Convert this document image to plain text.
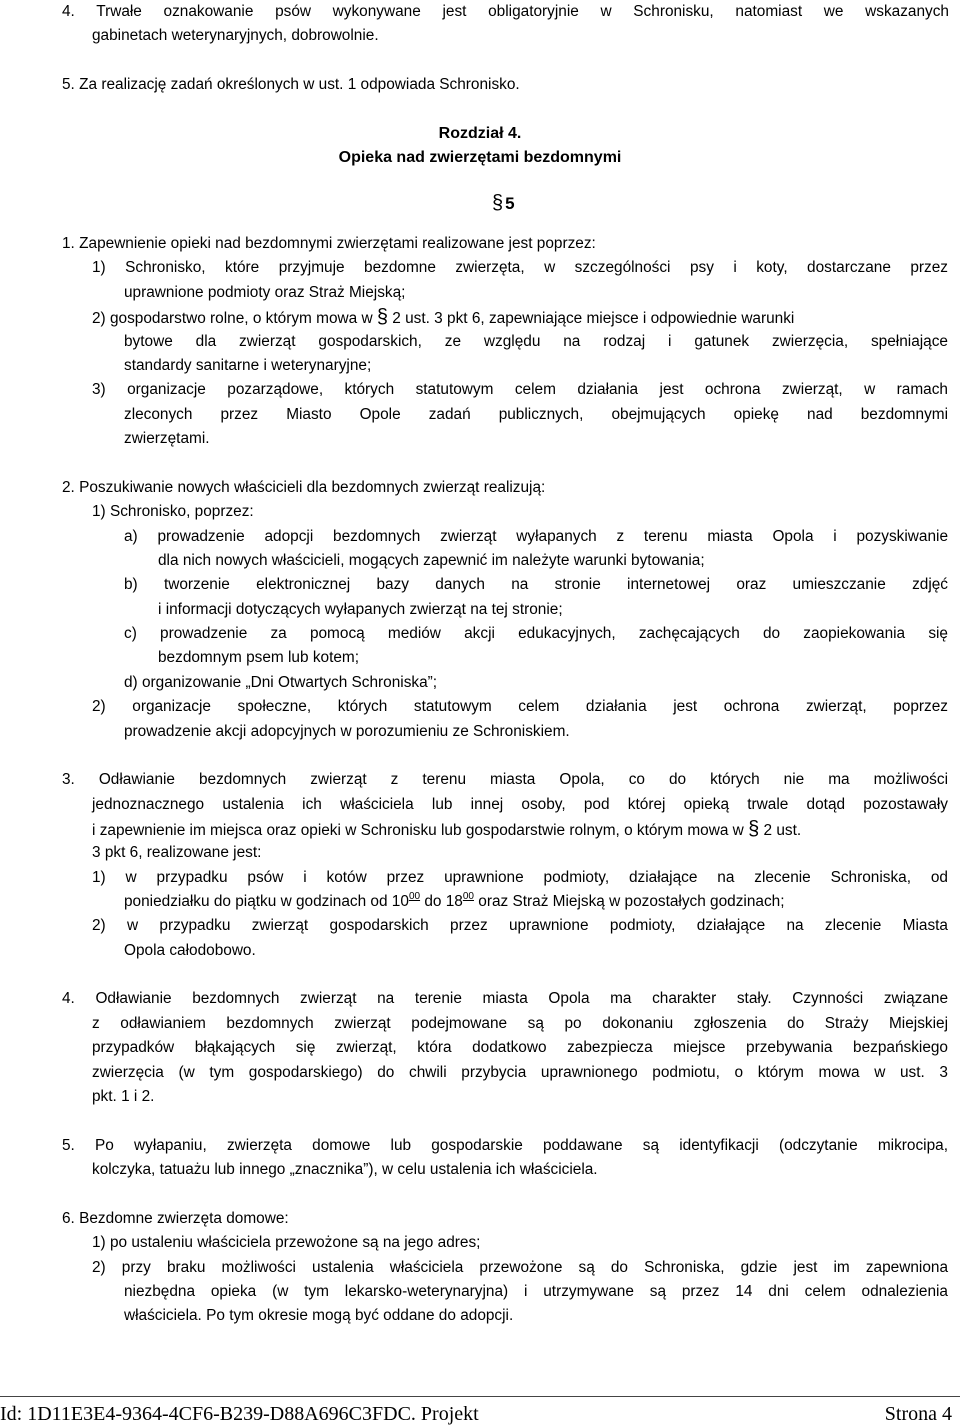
4. Trwałe oznakowanie psów wykonywane jest obligatoryjnie w Schronisku, natomiast we wskazanych
gabinetach weterynaryjnych, dobrowolnie.
5. Za realizację zadań określonych w ust. 1 odpowiada Schronisko.
Rozdział 4.
Opieka nad zwierzętami bezdomnymi
§ 5
1. Zapewnienie opieki nad bezdomnymi zwierzętami realizowane jest poprzez:
1) Schronisko, które przyjmuje bezdomne zwierzęta, w szczególności psy i koty, dostarczane przez
uprawnione podmioty oraz Straż Miejską;
2) gospodarstwo rolne, o którym mowa w § 2 ust. 3 pkt 6, zapewniające miejsce i odpowiednie warunki
bytowe dla zwierząt gospodarskich, ze względu na rodzaj i gatunek zwierzęcia, spełniające
standardy sanitarne i weterynaryjne;
3) organizacje pozarządowe, których statutowym celem działania jest ochrona zwierząt, w ramach
zleconych przez Miasto Opole zadań publicznych, obejmujących opiekę nad bezdomnymi
zwierzętami.
2. Poszukiwanie nowych właścicieli dla bezdomnych zwierząt realizują:
1) Schronisko, poprzez:
a) prowadzenie adopcji bezdomnych zwierząt wyłapanych z terenu miasta Opola i pozyskiwanie
dla nich nowych właścicieli, mogących zapewnić im należyte warunki bytowania;
b) tworzenie elektronicznej bazy danych na stronie internetowej oraz umieszczanie zdjęć
i informacji dotyczących wyłapanych zwierząt na tej stronie;
c) prowadzenie za pomocą mediów akcji edukacyjnych, zachęcających do zaopiekowania się
bezdomnym psem lub kotem;
d) organizowanie „Dni Otwartych Schroniska”;
2) organizacje społeczne, których statutowym celem działania jest ochrona zwierząt, poprzez
prowadzenie akcji adopcyjnych w porozumieniu ze Schroniskiem.
3. Odławianie bezdomnych zwierząt z terenu miasta Opola, co do których nie ma możliwości
jednoznacznego ustalenia ich właściciela lub innej osoby, pod której opieką trwale dotąd pozostawały
i zapewnienie im miejsca oraz opieki w Schronisku lub gospodarstwie rolnym, o którym mowa w § 2 ust.
3 pkt 6, realizowane jest:
1) w przypadku psów i kotów przez uprawnione podmioty, działające na zlecenie Schroniska, od
poniedziałku do piątku w godzinach od $10^{00}$ do $18^{00}$ oraz Straż Miejską w pozostałych godzinach;
2) w przypadku zwierząt gospodarskich przez uprawnione podmioty, działające na zlecenie Miasta
Opola całodobowo.
4. Odławianie bezdomnych zwierząt na terenie miasta Opola ma charakter stały. Czynności związane
z odławianiem bezdomnych zwierząt podejmowane są po dokonaniu zgłoszenia do Straży Miejskiej
przypadków błąkających się zwierząt, która dodatkowo zabezpiecza miejsce przebywania bezpańskiego
zwierzęcia (w tym gospodarskiego) do chwili przybycia uprawnionego podmiotu, o którym mowa w ust. 3
pkt. 1 i 2.
5. Po wyłapaniu, zwierzęta domowe lub gospodarskie poddawane są identyfikacji (odczytanie mikrocipa,
kolczyka, tatuażu lub innego „znacznika”), w celu ustalenia ich właściciela.
6. Bezdomne zwierzęta domowe:
1) po ustaleniu właściciela przewożone są na jego adres;
2) przy braku możliwości ustalenia właściciela przewożone są do Schroniska, gdzie jest im zapewniona
niezbędna opieka (w tym lekarsko-weterynaryjna) i utrzymywane są przez 14 dni celem odnalezienia
właściciela. Po tym okresie mogą być oddane do adopcji.
Id: 1D11E3E4-9364-4CF6-B239-D88A696C3FDC. Projekt	Strona 4
